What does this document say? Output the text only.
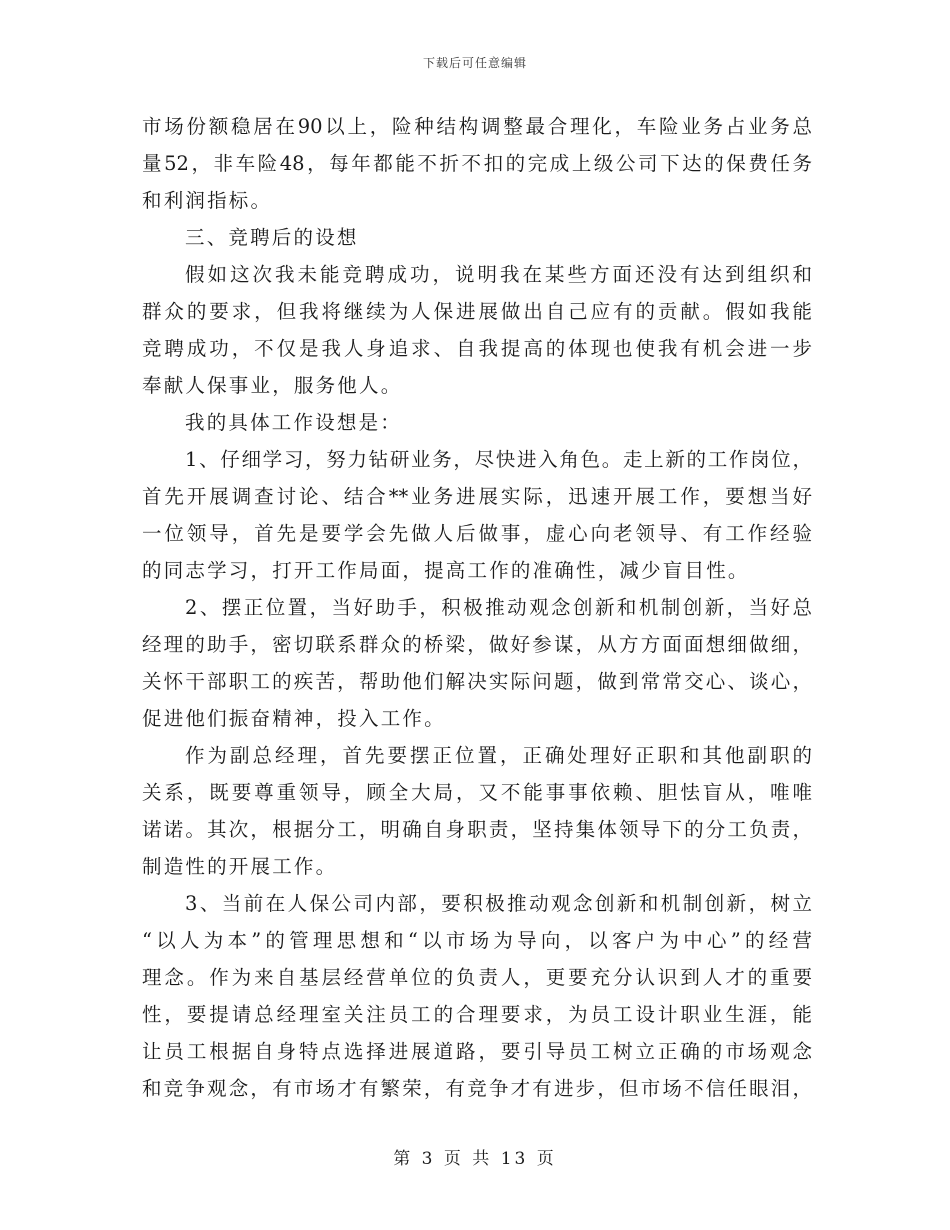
下载后可任意编辑
市场份额稳居在90以上，险种结构调整最合理化，车险业务占业务总
量52，非车险48，每年都能不折不扣的完成上级公司下达的保费任务
和利润指标。
三、竞聘后的设想
假如这次我未能竞聘成功，说明我在某些方面还没有达到组织和
群众的要求，但我将继续为人保进展做出自己应有的贡献。假如我能
竞聘成功，不仅是我人身追求、自我提高的体现也使我有机会进一步
奉献人保事业，服务他人。
我的具体工作设想是：
1、仔细学习，努力钻研业务，尽快进入角色。走上新的工作岗位，
首先开展调查讨论、结合**业务进展实际，迅速开展工作，要想当好
一位领导，首先是要学会先做人后做事，虚心向老领导、有工作经验
的同志学习，打开工作局面，提高工作的准确性，减少盲目性。
2、摆正位置，当好助手，积极推动观念创新和机制创新，当好总
经理的助手，密切联系群众的桥梁，做好参谋，从方方面面想细做细，
关怀干部职工的疾苦，帮助他们解决实际问题，做到常常交心、谈心，
促进他们振奋精神，投入工作。
作为副总经理，首先要摆正位置，正确处理好正职和其他副职的
关系，既要尊重领导，顾全大局，又不能事事依赖、胆怯盲从，唯唯
诺诺。其次，根据分工，明确自身职责，坚持集体领导下的分工负责，
制造性的开展工作。
3、当前在人保公司内部，要积极推动观念创新和机制创新，树立
“以人为本”的管理思想和“以市场为导向，以客户为中心”的经营
理念。作为来自基层经营单位的负责人，更要充分认识到人才的重要
性，要提请总经理室关注员工的合理要求，为员工设计职业生涯，能
让员工根据自身特点选择进展道路，要引导员工树立正确的市场观念
和竞争观念，有市场才有繁荣，有竞争才有进步，但市场不信任眼泪，
第 3 页 共 13 页
